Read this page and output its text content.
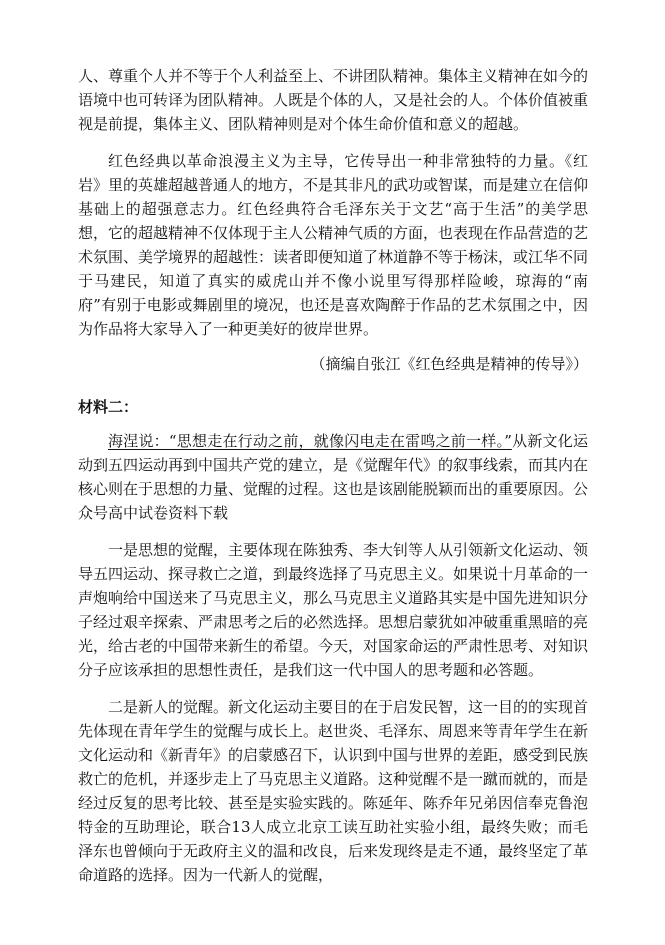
人、尊重个人并不等于个人利益至上、不讲团队精神。集体主义精神在如今的语境中也可转译为团队精神。人既是个体的人，又是社会的人。个体价值被重视是前提，集体主义、团队精神则是对个体生命价值和意义的超越。

红色经典以革命浪漫主义为主导，它传导出一种非常独特的力量。《红岩》里的英雄超越普通人的地方，不是其非凡的武功或智谋，而是建立在信仰基础上的超强意志力。红色经典符合毛泽东关于文艺“高于生活”的美学思想，它的超越精神不仅体现于主人公精神气质的方面，也表现在作品营造的艺术氛围、美学境界的超越性：读者即便知道了林道静不等于杨沫，或江华不同于马建民，知道了真实的威虎山并不像小说里写得那样险峻，琼海的“南府”有别于电影或舞剧里的境况，也还是喜欢陶醉于作品的艺术氛围之中，因为作品将大家导入了一种更美好的彼岸世界。

（摘编自张江《红色经典是精神的传导》）

材料二：

海涅说：“思想走在行动之前，就像闪电走在雷鸣之前一样。”从新文化运动到五四运动再到中国共产党的建立，是《觉醒年代》的叙事线索，而其内在核心则在于思想的力量、觉醒的过程。这也是该剧能脱颖而出的重要原因。公众号高中试卷资料下载

一是思想的觉醒，主要体现在陈独秀、李大钊等人从引领新文化运动、领导五四运动、探寻救亡之道，到最终选择了马克思主义。如果说十月革命的一声炮响给中国送来了马克思主义，那么马克思主义道路其实是中国先进知识分子经过艰辛探索、严肃思考之后的必然选择。思想启蒙犹如冲破重重黑暗的亮光，给古老的中国带来新生的希望。今天，对国家命运的严肃性思考、对知识分子应该承担的思想性责任，是我们这一代中国人的思考题和必答题。

二是新人的觉醒。新文化运动主要目的在于启发民智，这一目的的实现首先体现在青年学生的觉醒与成长上。赵世炎、毛泽东、周恩来等青年学生在新文化运动和《新青年》的启蒙感召下，认识到中国与世界的差距，感受到民族救亡的危机，并逐步走上了马克思主义道路。这种觉醒不是一蹴而就的，而是经过反复的思考比较、甚至是实验实践的。陈延年、陈乔年兄弟因信奉克鲁泡特金的互助理论，联合13人成立北京工读互助社实验小组，最终失败；而毛泽东也曾倾向于无政府主义的温和改良，后来发现终是走不通，最终坚定了革命道路的选择。因为一代新人的觉醒，
